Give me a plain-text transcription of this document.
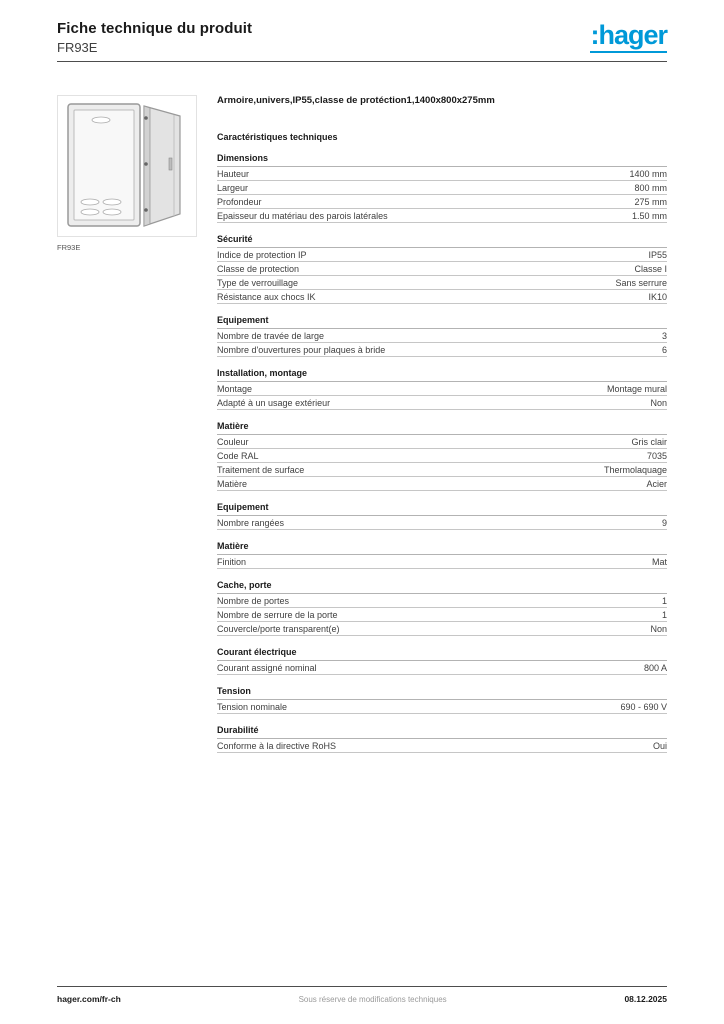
Fiche technique du produit
FR93E	:hager
FR93E
Armoire,univers,IP55,classe de protéction1,1400x800x275mm
Caractéristiques techniques
Dimensions
Hauteur	1400 mm
Largeur	800 mm
Profondeur	275 mm
Epaisseur du matériau des parois latérales	1.50 mm
Sécurité
Indice de protection IP	IP55
Classe de protection	Classe I
Type de verrouillage	Sans serrure
Résistance aux chocs IK	IK10
Equipement
Nombre de travée de large	3
Nombre d'ouvertures pour plaques à bride	6
Installation, montage
Montage	Montage mural
Adapté à un usage extérieur	Non
Matière
Couleur	Gris clair
Code RAL	7035
Traitement de surface	Thermolaquage
Matière	Acier
Equipement
Nombre rangées	9
Matière
Finition	Mat
Cache, porte
Nombre de portes	1
Nombre de serrure de la porte	1
Couvercle/porte transparent(e)	Non
Courant électrique
Courant assigné nominal	800 A
Tension
Tension nominale	690 - 690 V
Durabilité
Conforme à la directive RoHS	Oui
hager.com/fr-ch	Sous réserve de modifications techniques	08.12.2025
